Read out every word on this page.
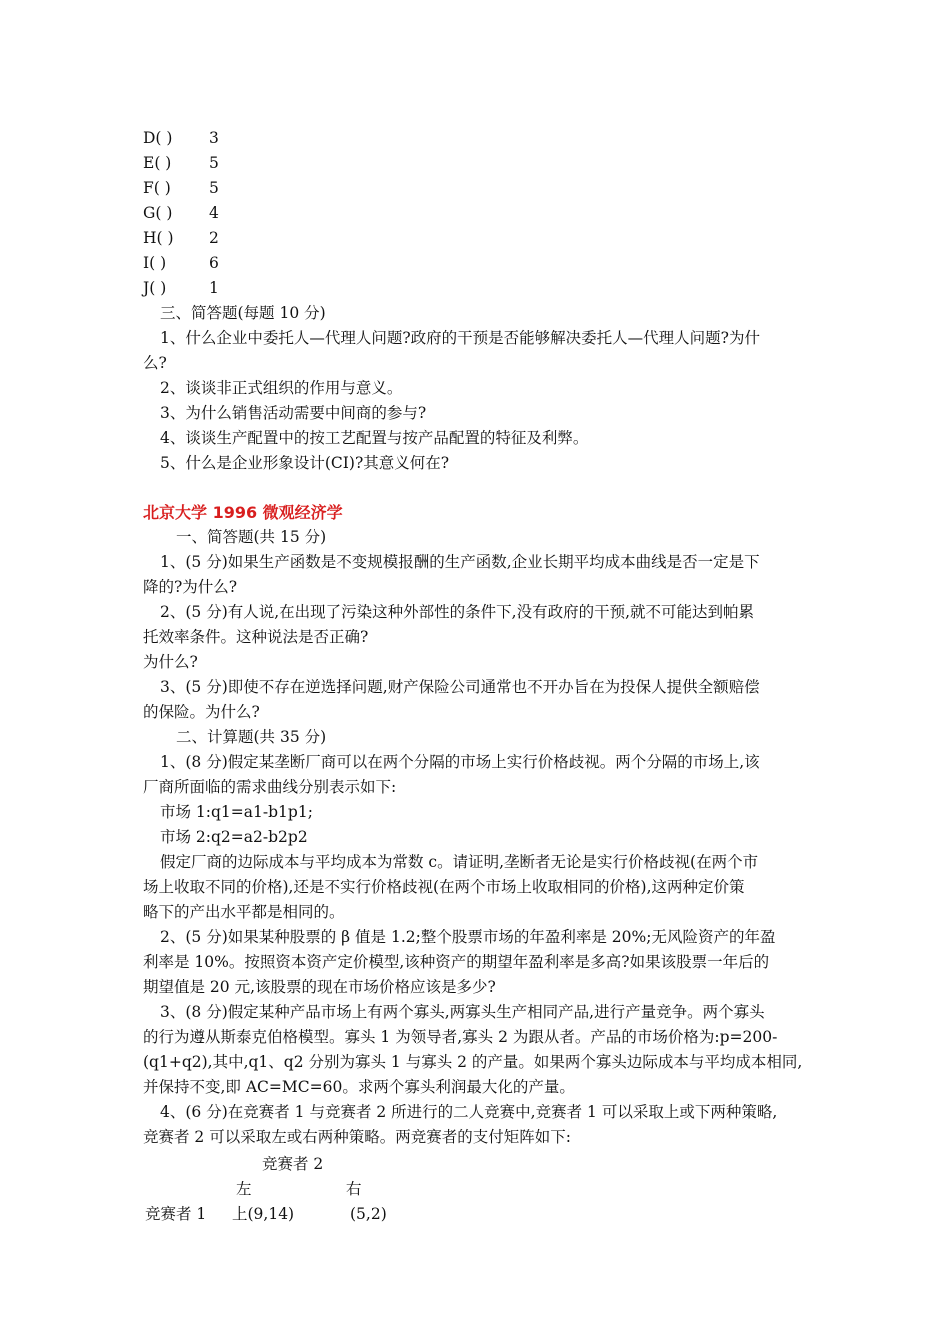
D( ) 3
E( ) 5
F( ) 5
G( ) 4
H( ) 2
I( )	6
J( )	1
三、简答题(每题 10 分)
1、什么企业中委托人—代理人问题?政府的干预是否能够解决委托人—代理人问题?为什
么?
2、谈谈非正式组织的作用与意义。
3、为什么销售活动需要中间商的参与?
4、谈谈生产配置中的按工艺配置与按产品配置的特征及利弊。
5、什么是企业形象设计(CI)?其意义何在?
北京大学 1996 微观经济学
一、简答题(共 15 分)
1、(5 分)如果生产函数是不变规模报酬的生产函数,企业长期平均成本曲线是否一定是下
降的?为什么?
2、(5 分)有人说,在出现了污染这种外部性的条件下,没有政府的干预,就不可能达到帕累
托效率条件。这种说法是否正确?
为什么?
3、(5 分)即使不存在逆选择问题,财产保险公司通常也不开办旨在为投保人提供全额赔偿
的保险。为什么?
二、计算题(共 35 分)
1、(8 分)假定某垄断厂商可以在两个分隔的市场上实行价格歧视。两个分隔的市场上,该
厂商所面临的需求曲线分别表示如下:
市场 1:q1=a1-b1p1;
市场 2:q2=a2-b2p2
假定厂商的边际成本与平均成本为常数 c。请证明,垄断者无论是实行价格歧视(在两个市
场上收取不同的价格),还是不实行价格歧视(在两个市场上收取相同的价格),这两种定价策
略下的产出水平都是相同的。
2、(5 分)如果某种股票的 β 值是 1.2;整个股票市场的年盈利率是 20%;无风险资产的年盈
利率是 10%。按照资本资产定价模型,该种资产的期望年盈利率是多高?如果该股票一年后的
期望值是 20 元,该股票的现在市场价格应该是多少?
3、(8 分)假定某种产品市场上有两个寡头,两寡头生产相同产品,进行产量竞争。两个寡头
的行为遵从斯泰克伯格模型。寡头 1 为领导者,寡头 2 为跟从者。产品的市场价格为:p=200-
(q1+q2),其中,q1、q2 分别为寡头 1 与寡头 2 的产量。如果两个寡头边际成本与平均成本相同,
并保持不变,即 AC=MC=60。求两个寡头利润最大化的产量。
4、(6 分)在竞赛者 1 与竞赛者 2 所进行的二人竞赛中,竞赛者 1 可以采取上或下两种策略,
竞赛者 2 可以采取左或右两种策略。两竞赛者的支付矩阵如下:
竞赛者 2
左	右
竞赛者 1 上(9,14)	(5,2)
